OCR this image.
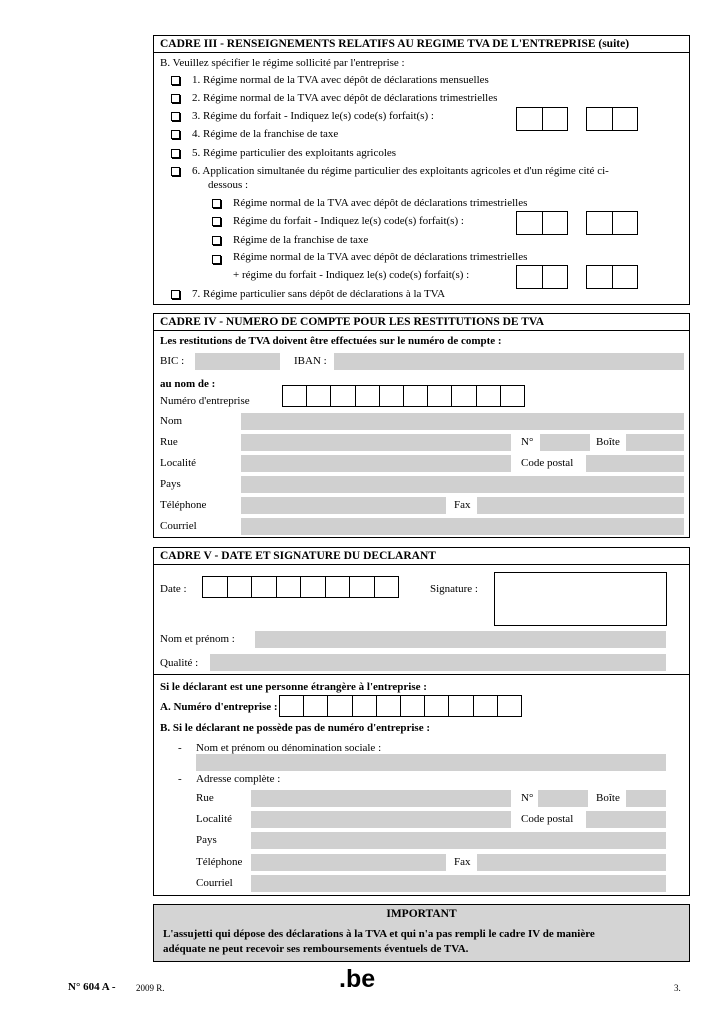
CADRE III - RENSEIGNEMENTS RELATIFS AU REGIME TVA DE L'ENTREPRISE (suite)
B. Veuillez spécifier le régime sollicité par l'entreprise :
1. Régime normal de la TVA avec dépôt de déclarations mensuelles
2. Régime normal de la TVA avec dépôt de déclarations trimestrielles
3. Régime du forfait - Indiquez le(s) code(s) forfait(s) :
4. Régime de la franchise de taxe
5. Régime particulier des exploitants agricoles
6. Application simultanée du régime particulier des exploitants agricoles et d'un régime cité ci-
dessous :
Régime normal de la TVA avec dépôt de déclarations trimestrielles
Régime du forfait - Indiquez le(s) code(s) forfait(s) :
Régime de la franchise de taxe
Régime normal de la TVA avec dépôt de déclarations trimestrielles
+ régime du forfait - Indiquez le(s) code(s) forfait(s) :
7. Régime particulier sans dépôt de déclarations à la TVA
CADRE IV - NUMERO DE COMPTE POUR LES RESTITUTIONS DE TVA
Les restitutions de TVA doivent être effectuées sur le numéro de compte :
BIC :	IBAN :
au nom de :
Numéro d'entreprise
Nom
Rue	N°	Boîte
Localité	Code postal
Pays
Téléphone	Fax
Courriel
CADRE V - DATE ET SIGNATURE DU DECLARANT
Date :	Signature :
Nom et prénom :
Qualité :
Si le déclarant est une personne étrangère à l'entreprise :
A. Numéro d'entreprise :
B. Si le déclarant ne possède pas de numéro d'entreprise :
- Nom et prénom ou dénomination sociale :
- Adresse complète :
Rue	N°	Boîte
Localité	Code postal
Pays
Téléphone	Fax
Courriel
IMPORTANT
L'assujetti qui dépose des déclarations à la TVA et qui n'a pas rempli le cadre IV de manière
adéquate ne peut recevoir ses remboursements éventuels de TVA.
N° 604 A - 2009 R.	.be	3.
